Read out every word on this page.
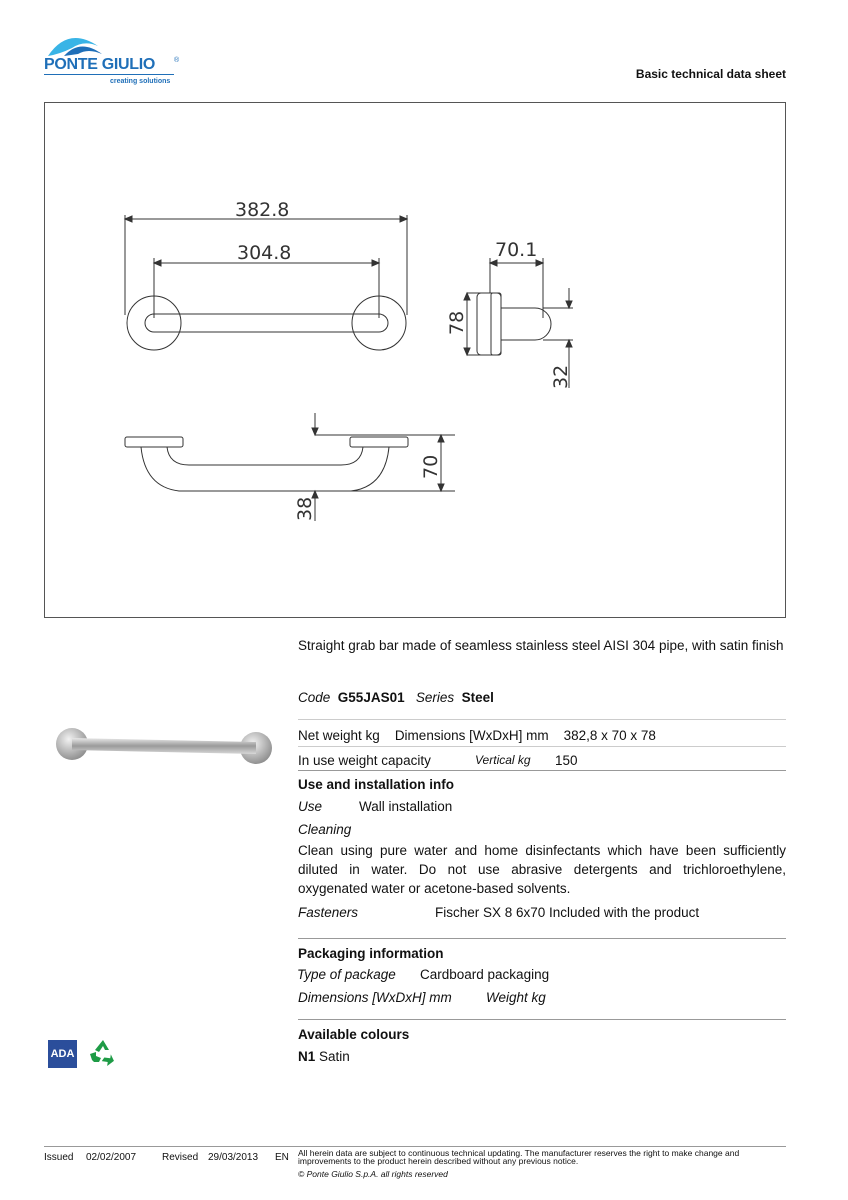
PONTE GIULIO	®
creating solutions
Basic technical data sheet
382.8
304.8	70.1
78
32
70
38
Straight grab bar made of seamless stainless steel AISI 304 pipe, with satin finish
Code G55JAS01 Series Steel
Net weight kg Dimensions [WxDxH] mm 382,8 x 70 x 78
In use weight capacity	Vertical kg 150
Use and installation info
Use	Wall installation
Cleaning
Clean using pure water and home disinfectants which have been sufficiently diluted in water. Do not use abrasive detergents and trichloroethylene, oxygenated water or acetone-based solvents.
Fasteners	Fischer SX 8 6x70 Included with the product
Packaging information
Type of package Cardboard packaging
Dimensions [WxDxH] mm	Weight kg
Available colours
N1 Satin
ADA
Issued 02/02/2007	Revised 29/03/2013 EN All herein data are subject to continuous technical updating. The manufacturer reserves the right to make change and
improvements to the product herein described without any previous notice.
© Ponte Giulio S.p.A. all rights reserved
